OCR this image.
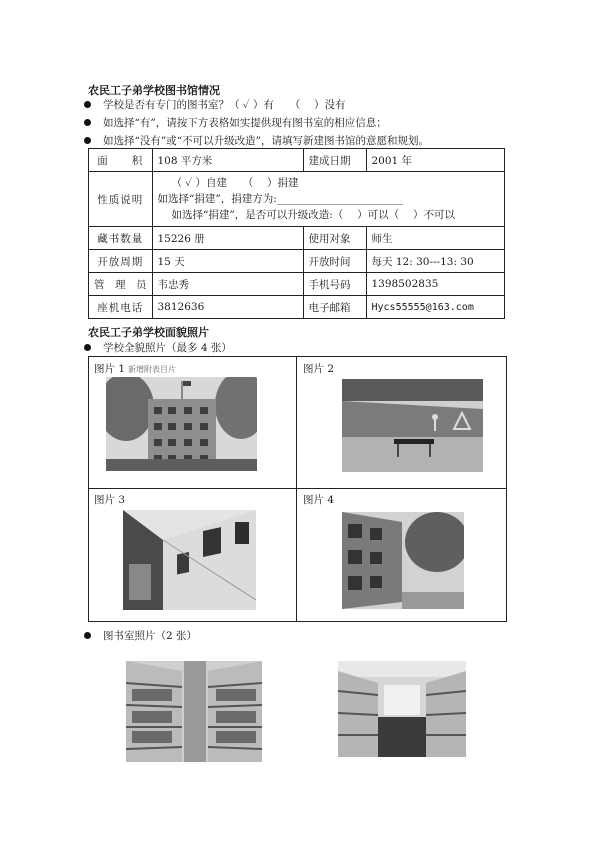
农民工子弟学校图书馆情况
学校是否有专门的图书室？（ ✓ ）有　　（　 ）没有
如选择“有”，请按下方表格如实提供现有图书室的相应信息；
如选择“没有”或“不可以升级改造”，请填写新建图书馆的意愿和规划。
面　　积	108 平方米	建成日期	2001 年
性质说明	（ ✓ ）自建　　（　 ）捐建
如选择“捐建”，捐建方为:________________________
如选择“捐建”，是否可以升级改造:（　 ）可以（　 ）不可以		

藏书数量	15226 册	使用对象	师生
开放周期	15 天	开放时间	每天 12: 30---13: 30
管　理　员	韦忠秀	手机号码	1398502835
座机电话	3812636	电子邮箱	Hycs55555@163.com
农民工子弟学校面貌照片
学校全貌照片（最多 4 张）
图片 1 新增附表目片	图片 2
图片 3	图片 4
图书室照片（2 张）
